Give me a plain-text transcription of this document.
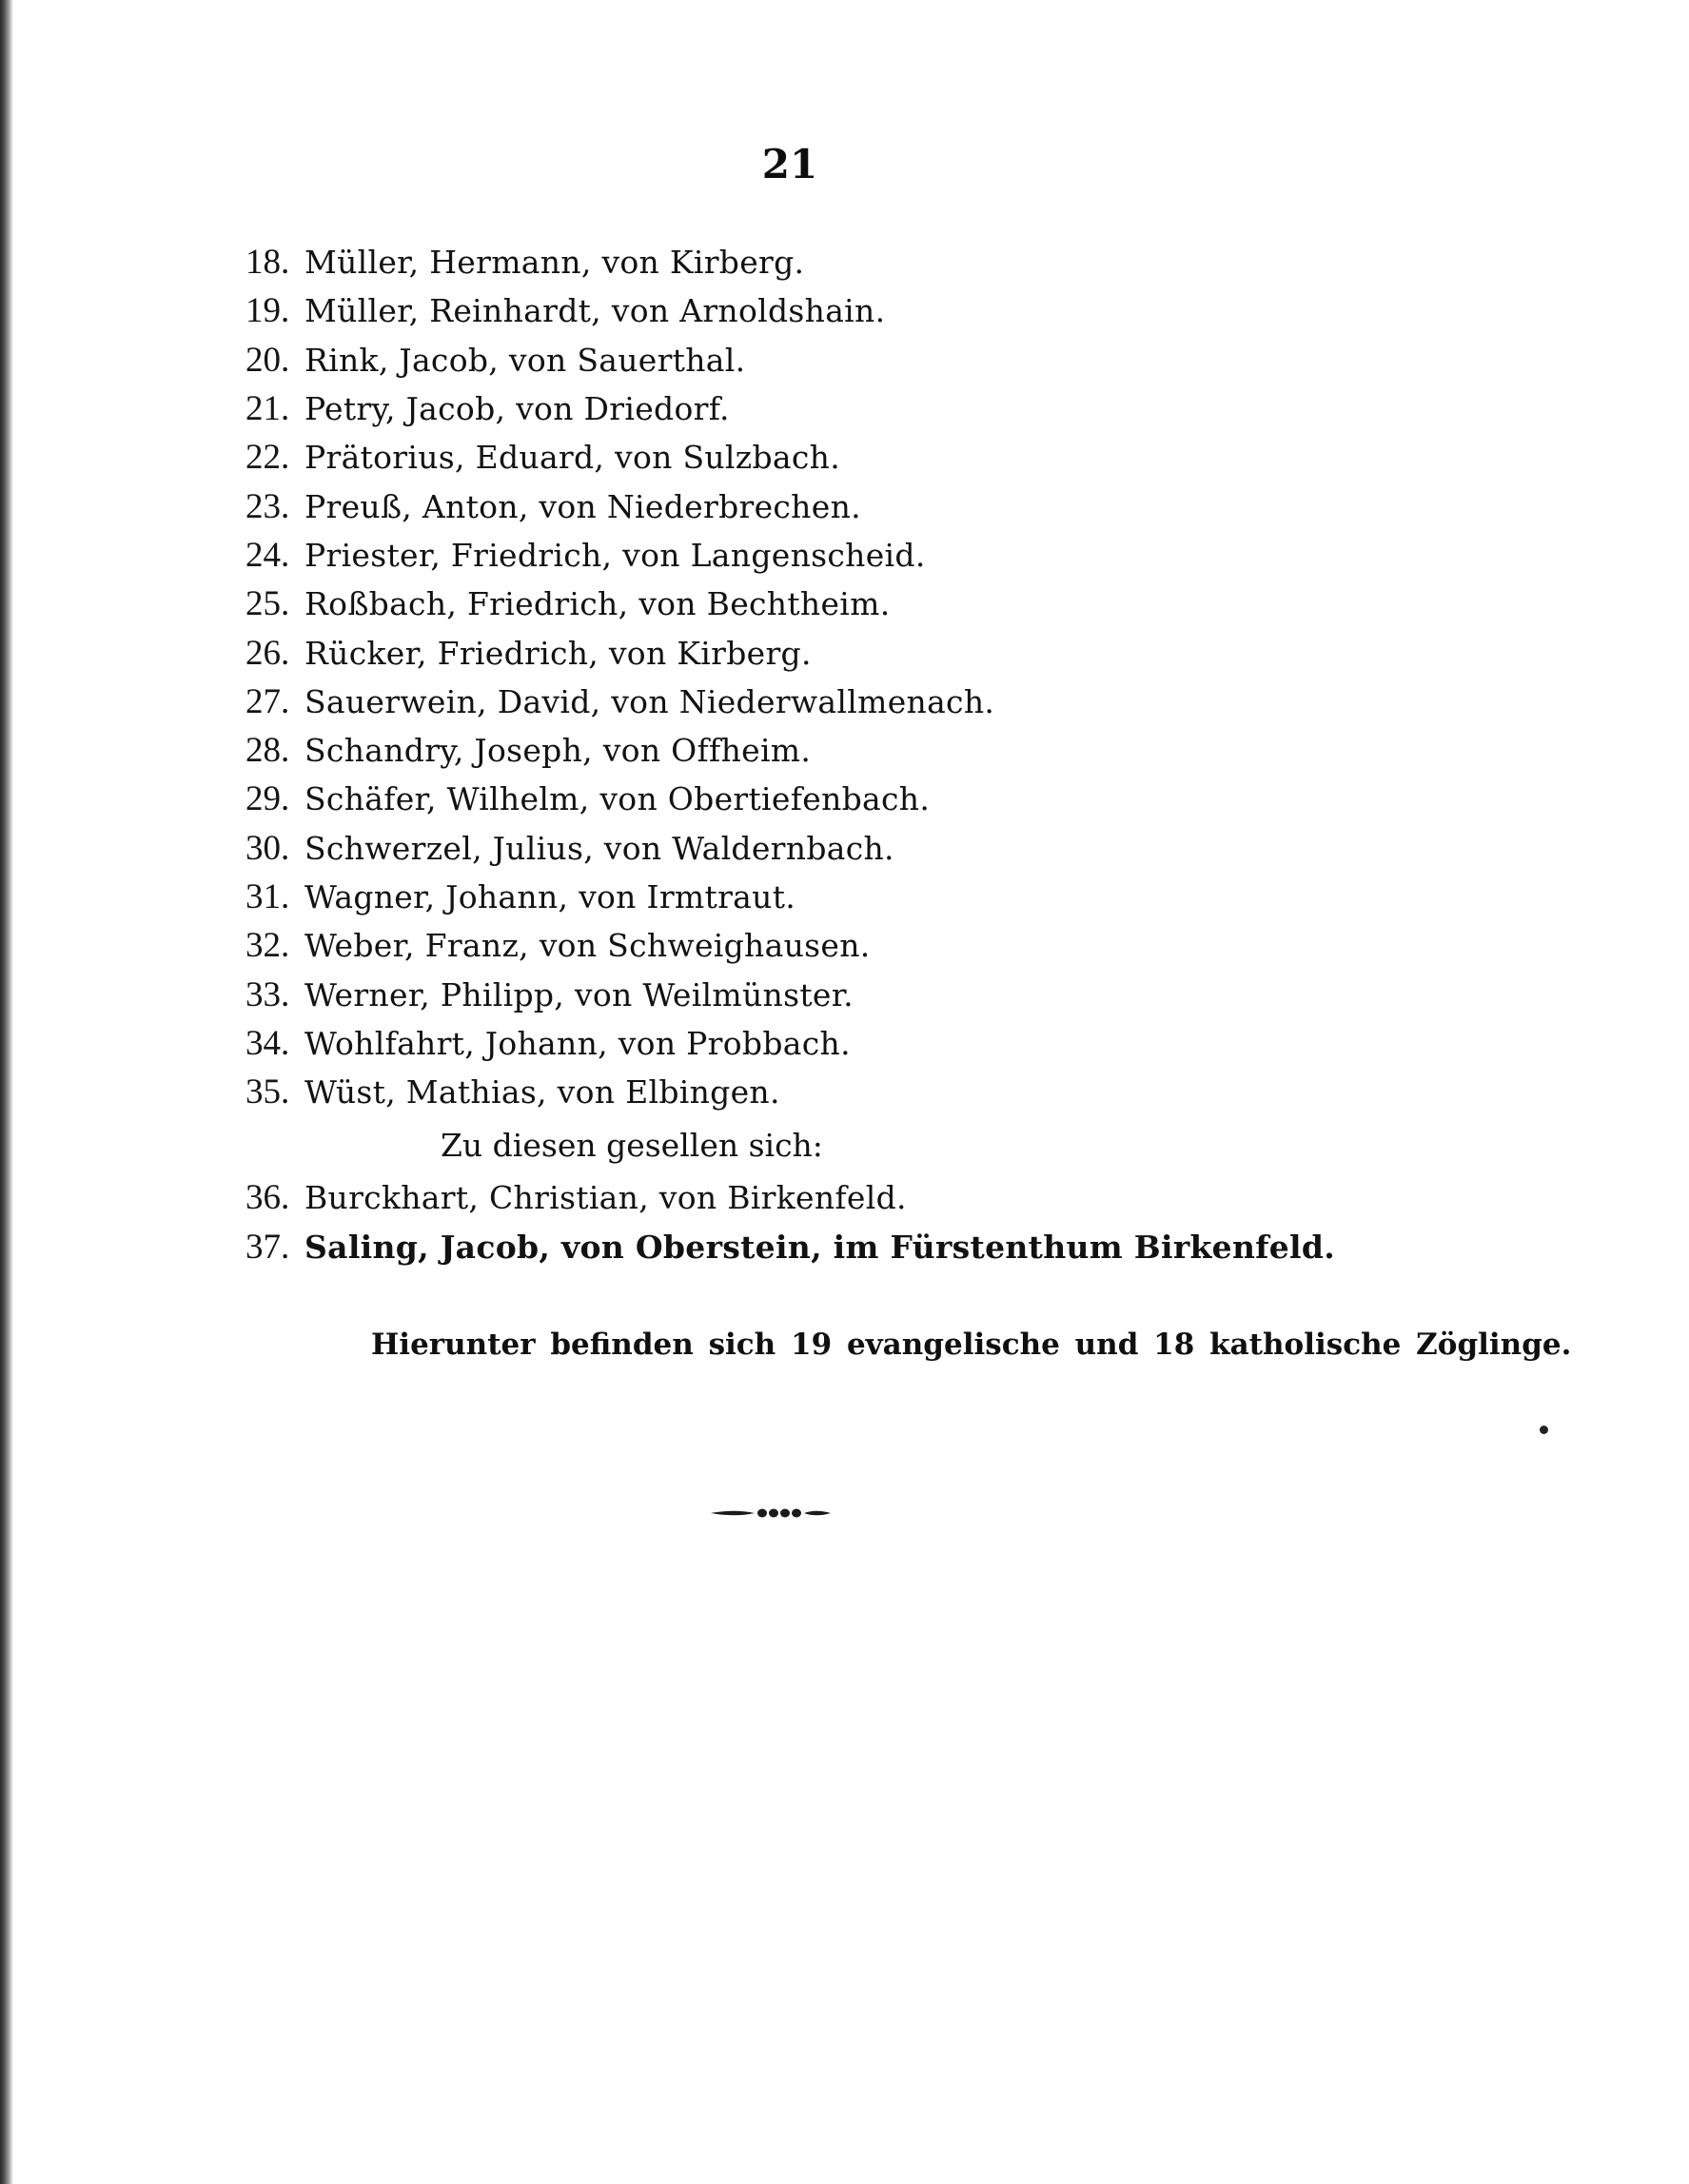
21
18. Müller, Hermann, von Kirberg.
19. Müller, Reinhardt, von Arnoldshain.
20. Rink, Jacob, von Sauerthal.
21. Petry, Jacob, von Driedorf.
22. Prätorius, Eduard, von Sulzbach.
23. Preuß, Anton, von Niederbrechen.
24. Priester, Friedrich, von Langenscheid.
25. Roßbach, Friedrich, von Bechtheim.
26. Rücker, Friedrich, von Kirberg.
27. Sauerwein, David, von Niederwallmenach.
28. Schandry, Joseph, von Offheim.
29. Schäfer, Wilhelm, von Obertiefenbach.
30. Schwerzel, Julius, von Waldernbach.
31. Wagner, Johann, von Irmtraut.
32. Weber, Franz, von Schweighausen.
33. Werner, Philipp, von Weilmünster.
34. Wohlfahrt, Johann, von Probbach.
35. Wüst, Mathias, von Elbingen.
Zu diesen gesellen sich:
36. Burckhart, Christian, von Birkenfeld.
37. Saling, Jacob, von Oberstein, im Fürstenthum Birkenfeld.
Hierunter befinden sich 19 evangelische und 18 katholische Zöglinge.
